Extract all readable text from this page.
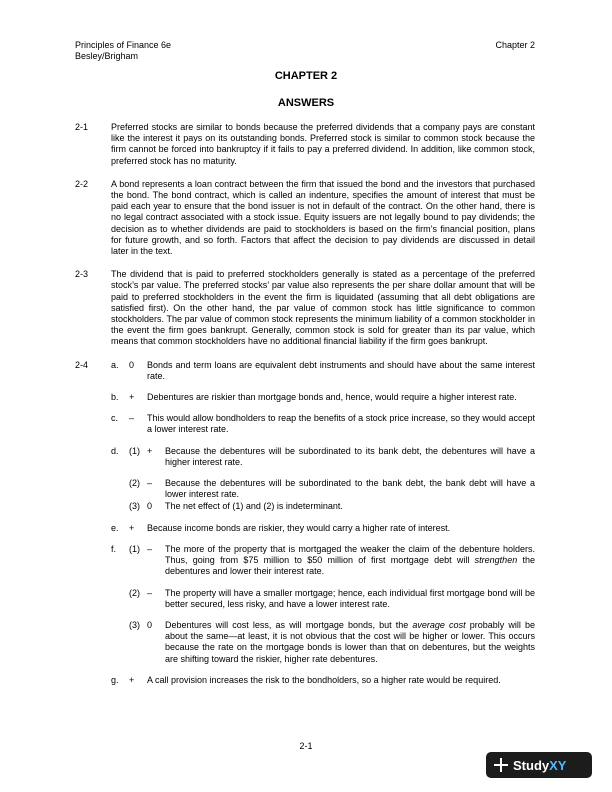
Principles of Finance 6e
Besley/Brigham
Chapter 2
CHAPTER 2
ANSWERS
2-1	Preferred stocks are similar to bonds because the preferred dividends that a company pays are constant like the interest it pays on its outstanding bonds. Preferred stock is similar to common stock because the firm cannot be forced into bankruptcy if it fails to pay a preferred dividend. In addition, like common stock, preferred stock has no maturity.
2-2	A bond represents a loan contract between the firm that issued the bond and the investors that purchased the bond. The bond contract, which is called an indenture, specifies the amount of interest that must be paid each year to ensure that the bond issuer is not in default of the contract. On the other hand, there is no legal contract associated with a stock issue. Equity issuers are not legally bound to pay dividends; the decision as to whether dividends are paid to stockholders is based on the firm’s financial position, plans for future growth, and so forth. Factors that affect the decision to pay dividends are discussed in detail later in the text.
2-3	The dividend that is paid to preferred stockholders generally is stated as a percentage of the preferred stock’s par value. The preferred stocks’ par value also represents the per share dollar amount that will be paid to preferred stockholders in the event the firm is liquidated (assuming that all debt obligations are satisfied first). On the other hand, the par value of common stock has little significance to common stockholders. The par value of common stock represents the minimum liability of a common stockholder in the event the firm goes bankrupt. Generally, common stock is sold for greater than its par value, which means that common stockholders have no additional financial liability if the firm goes bankrupt.
2-4	a.	0	Bonds and term loans are equivalent debt instruments and should have about the same interest rate.
b.	+	Debentures are riskier than mortgage bonds and, hence, would require a higher interest rate.
c.	–	This would allow bondholders to reap the benefits of a stock price increase, so they would accept a lower interest rate.
d.	(1) +	Because the debentures will be subordinated to its bank debt, the debentures will have a higher interest rate.
(2) –	Because the debentures will be subordinated to the bank debt, the bank debt will have a lower interest rate.
(3) 0	The net effect of (1) and (2) is indeterminant.
e.	+	Because income bonds are riskier, they would carry a higher rate of interest.
f.	(1) –	The more of the property that is mortgaged the weaker the claim of the debenture holders. Thus, going from $75 million to $50 million of first mortgage debt will strengthen the debentures and lower their interest rate.
(2) –	The property will have a smaller mortgage; hence, each individual first mortgage bond will be better secured, less risky, and have a lower interest rate.
(3) 0	Debentures will cost less, as will mortgage bonds, but the average cost probably will be about the same—at least, it is not obvious that the cost will be higher or lower. This occurs because the rate on the mortgage bonds is lower than that on debentures, but the weights are shifting toward the riskier, higher rate debentures.
g.	+	A call provision increases the risk to the bondholders, so a higher rate would be required.
2-1
Study XY
